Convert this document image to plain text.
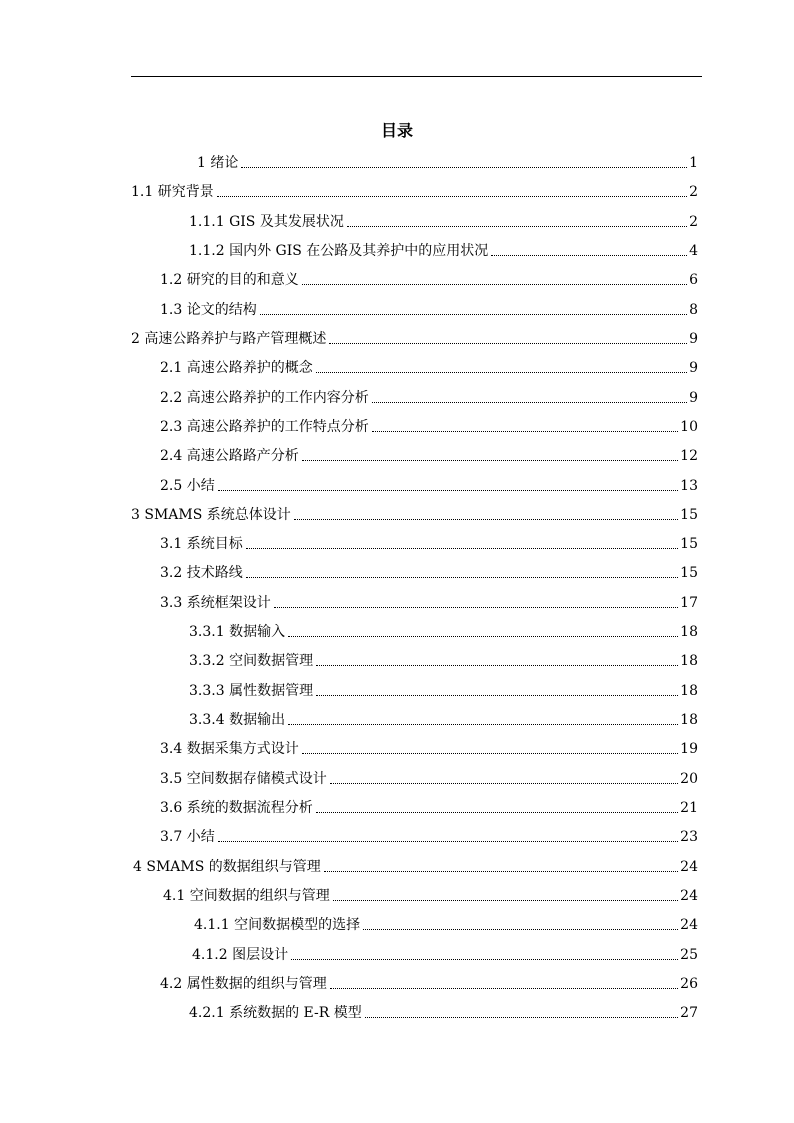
目录
1 绪论	1
1.1 研究背景	2
1.1.1 GIS 及其发展状况	2
1.1.2 国内外 GIS 在公路及其养护中的应用状况	4
1.2 研究的目的和意义	6
1.3 论文的结构	8
2 高速公路养护与路产管理概述	9
2.1 高速公路养护的概念	9
2.2 高速公路养护的工作内容分析	9
2.3 高速公路养护的工作特点分析	10
2.4 高速公路路产分析	12
2.5 小结	13
3 SMAMS 系统总体设计	15
3.1 系统目标	15
3.2 技术路线	15
3.3 系统框架设计	17
3.3.1 数据输入	18
3.3.2 空间数据管理	18
3.3.3 属性数据管理	18
3.3.4 数据输出	18
3.4 数据采集方式设计	19
3.5 空间数据存储模式设计	20
3.6 系统的数据流程分析	21
3.7 小结	23
4 SMAMS 的数据组织与管理	24
4.1 空间数据的组织与管理	24
4.1.1 空间数据模型的选择	24
4.1.2 图层设计	25
4.2 属性数据的组织与管理	26
4.2.1 系统数据的 E-R 模型	27
